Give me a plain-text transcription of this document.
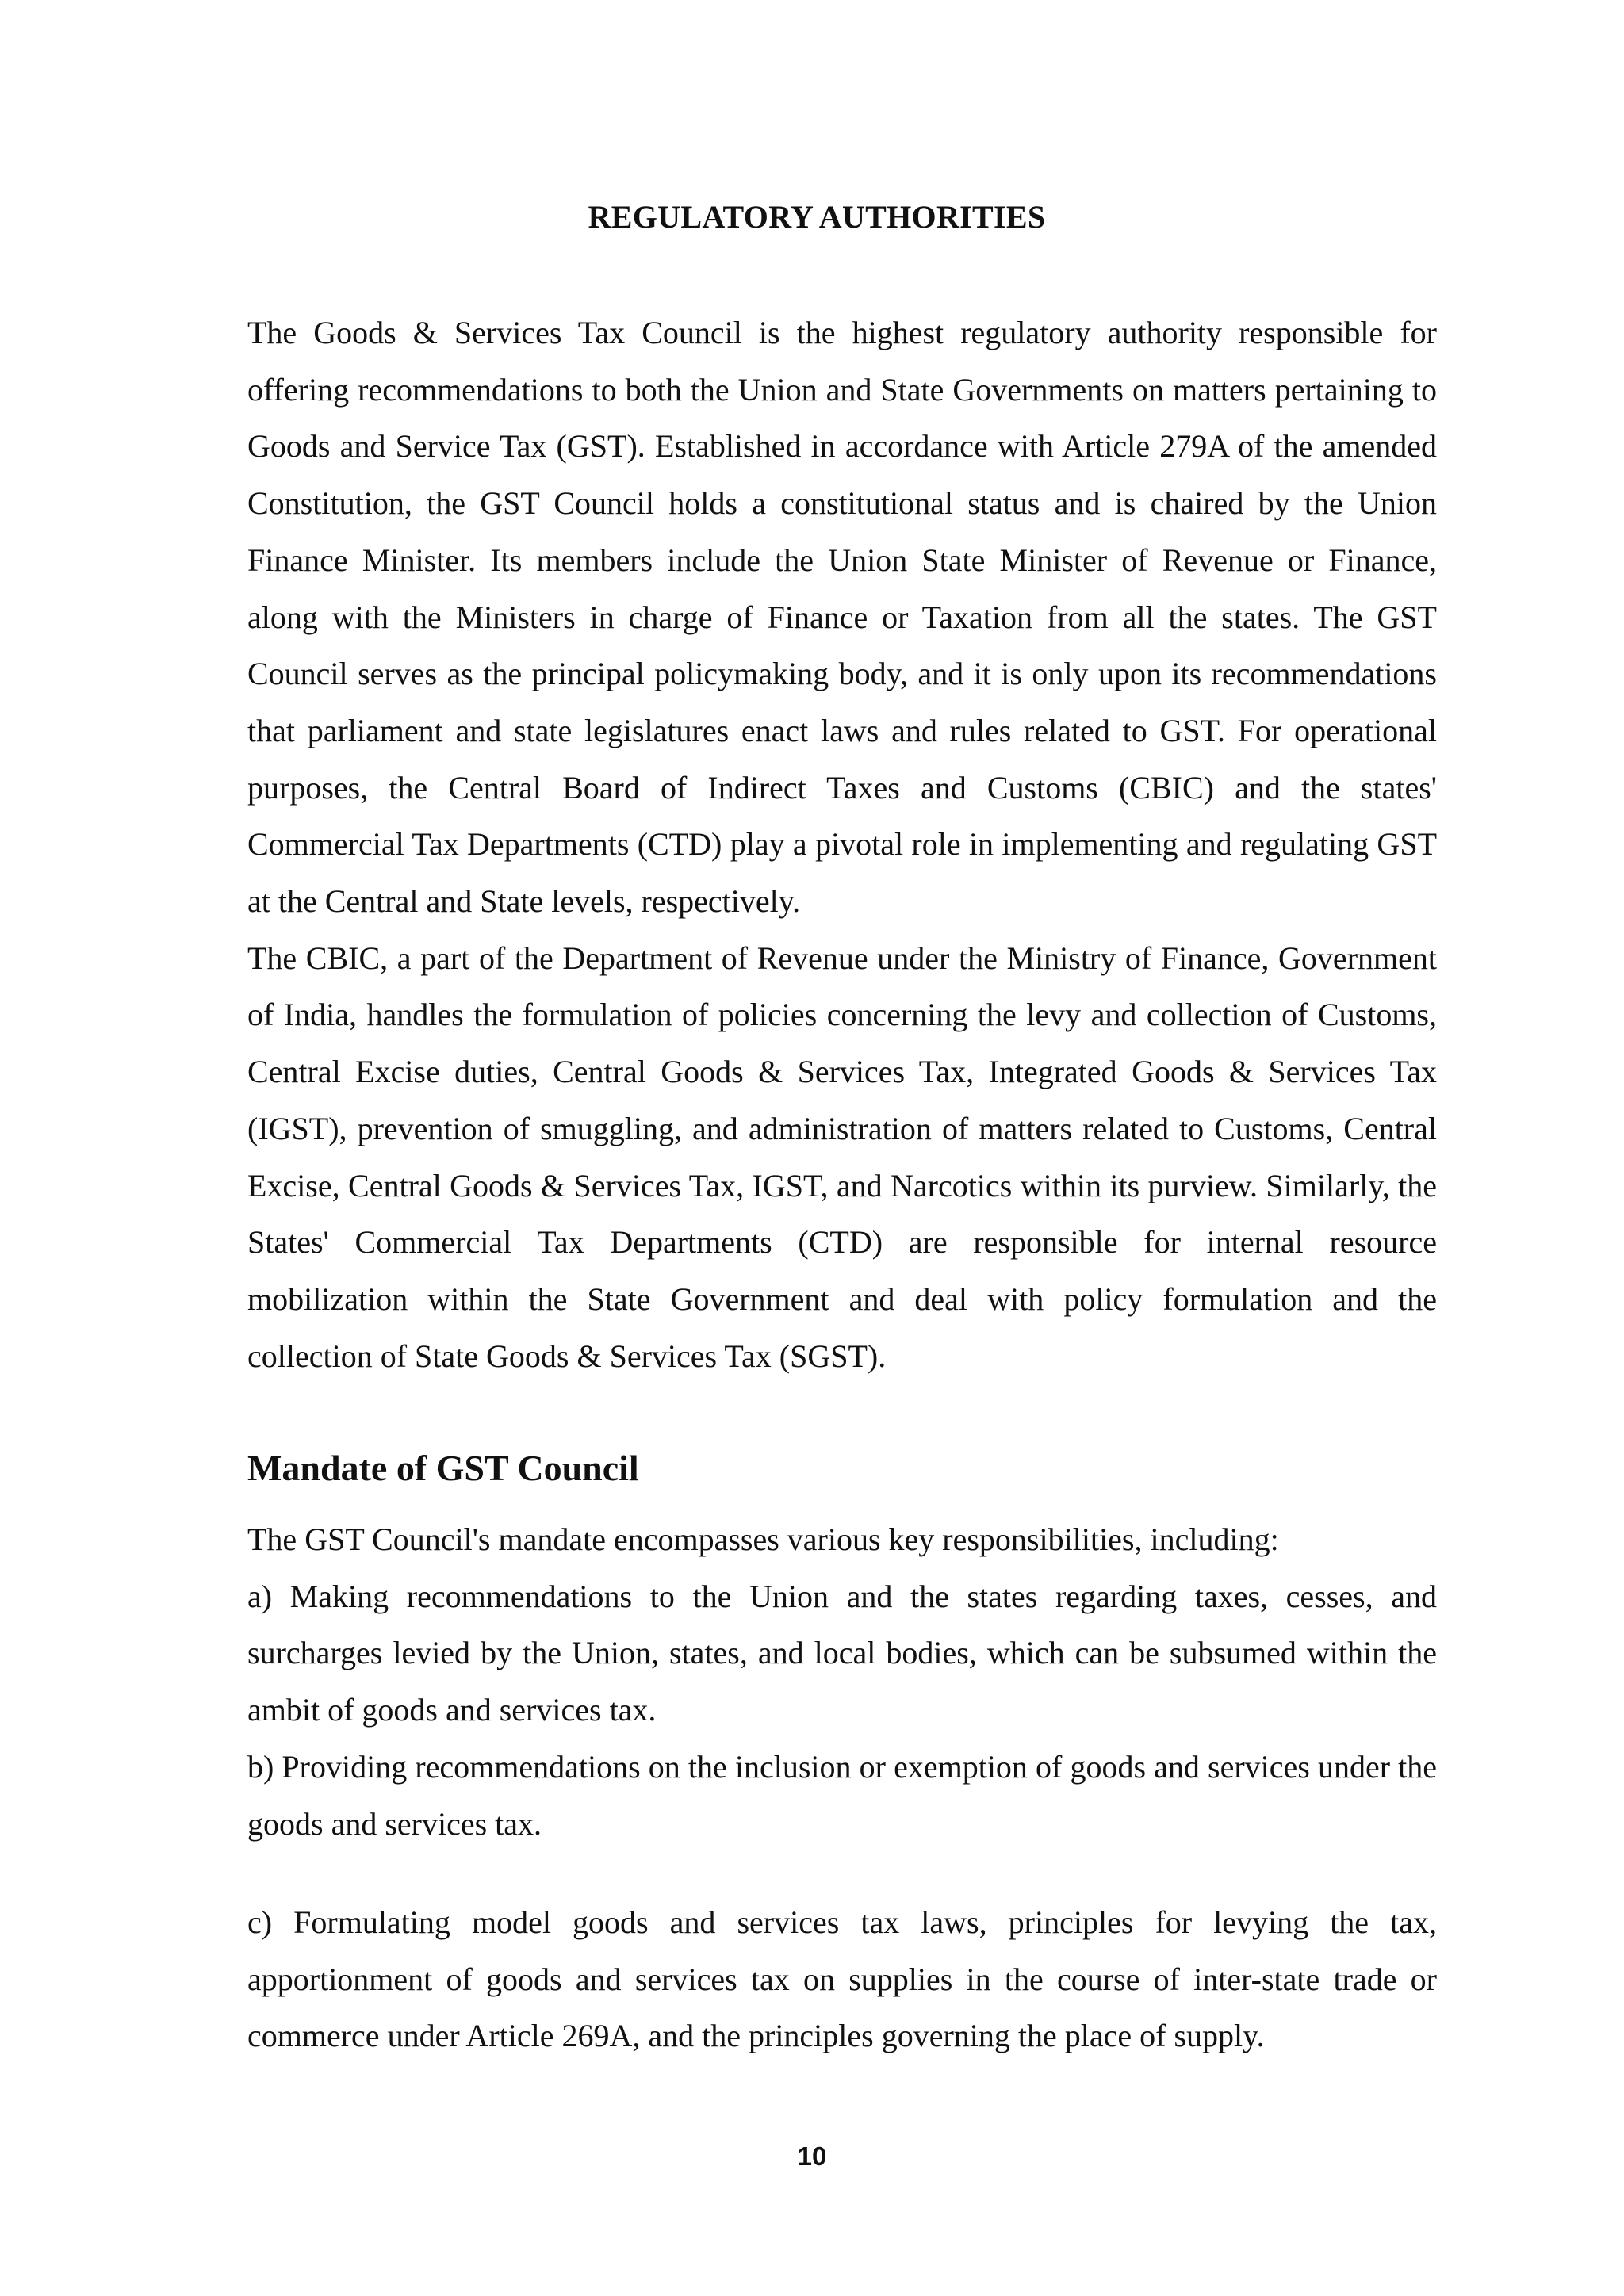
REGULATORY AUTHORITIES

The Goods & Services Tax Council is the highest regulatory authority responsible for offering recommendations to both the Union and State Governments on matters pertaining to Goods and Service Tax (GST). Established in accordance with Article 279A of the amended Constitution, the GST Council holds a constitutional status and is chaired by the Union Finance Minister. Its members include the Union State Minister of Revenue or Finance, along with the Ministers in charge of Finance or Taxation from all the states. The GST Council serves as the principal policymaking body, and it is only upon its recommendations that parliament and state legislatures enact laws and rules related to GST. For operational purposes, the Central Board of Indirect Taxes and Customs (CBIC) and the states' Commercial Tax Departments (CTD) play a pivotal role in implementing and regulating GST at the Central and State levels, respectively.

The CBIC, a part of the Department of Revenue under the Ministry of Finance, Government of India, handles the formulation of policies concerning the levy and collection of Customs, Central Excise duties, Central Goods & Services Tax, Integrated Goods & Services Tax (IGST), prevention of smuggling, and administration of matters related to Customs, Central Excise, Central Goods & Services Tax, IGST, and Narcotics within its purview. Similarly, the States' Commercial Tax Departments (CTD) are responsible for internal resource mobilization within the State Government and deal with policy formulation and the collection of State Goods & Services Tax (SGST).

Mandate of GST Council

The GST Council's mandate encompasses various key responsibilities, including:

a) Making recommendations to the Union and the states regarding taxes, cesses, and surcharges levied by the Union, states, and local bodies, which can be subsumed within the ambit of goods and services tax.

b) Providing recommendations on the inclusion or exemption of goods and services under the goods and services tax.

c) Formulating model goods and services tax laws, principles for levying the tax, apportionment of goods and services tax on supplies in the course of inter-state trade or commerce under Article 269A, and the principles governing the place of supply.

10
